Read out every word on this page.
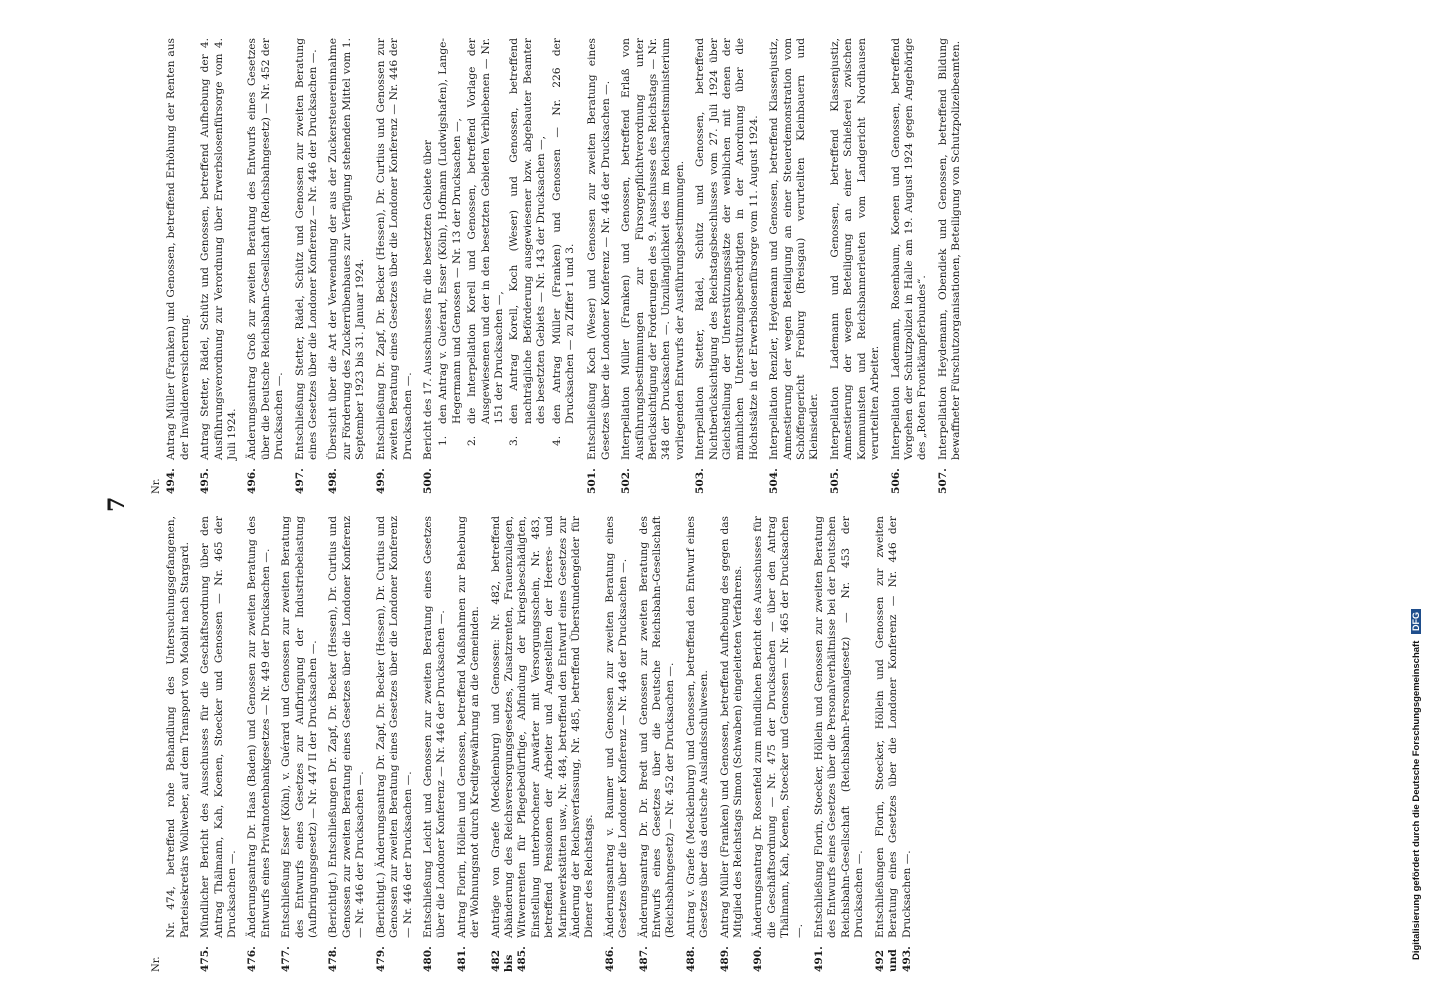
7
Nr.
Nr. 474, betreffend rohe Behandlung des Untersuchungsgefangenen, Parteisekretärs Wollweber, auf dem Transport von Moabit nach Stargard.
475.
Mündlicher Bericht des Ausschusses für die Geschäftsordnung über den Antrag Thälmann, Kah, Koenen, Stoecker und Genossen — Nr. 465 der Drucksachen —.
476.
Änderungsantrag Dr. Haas (Baden) und Genossen zur zweiten Beratung des Entwurfs eines Privatnotenbankgesetzes — Nr. 449 der Drucksachen —.
477.
Entschließung Esser (Köln), v. Guérard und Genossen zur zweiten Beratung des Entwurfs eines Gesetzes zur Aufbringung der Industriebelastung (Aufbringungsgesetz) — Nr. 447 II der Drucksachen —.
478.
(Berichtigt.) Entschließungen Dr. Zapf, Dr. Becker (Hessen), Dr. Curtius und Genossen zur zweiten Beratung eines Gesetzes über die Londoner Konferenz — Nr. 446 der Drucksachen —.
479.
(Berichtigt.) Änderungsantrag Dr. Zapf, Dr. Becker (Hessen), Dr. Curtius und Genossen zur zweiten Beratung eines Gesetzes über die Londoner Konferenz — Nr. 446 der Drucksachen —.
480.
Entschließung Leicht und Genossen zur zweiten Beratung eines Gesetzes über die Londoner Konferenz — Nr. 446 der Drucksachen —.
481.
Antrag Florin, Höllein und Genossen, betreffend Maßnahmen zur Behebung der Wohnungsnot durch Kreditgewährung an die Gemeinden.
482 bis 485.
Anträge von Graefe (Mecklenburg) und Genossen: Nr. 482, betreffend Abänderung des Reichsversorgungsgesetzes, Zusatzrenten, Frauenzulagen, Witwenrenten für Pflegebedürftige, Abfindung der kriegsbeschädigten, Einstellung unterbrochener Anwärter mit Versorgungsschein, Nr. 483, betreffend Pensionen der Arbeiter und Angestellten der Heeres- und Marinewerkstätten usw., Nr. 484, betreffend den Entwurf eines Gesetzes zur Änderung der Reichsverfassung, Nr. 485, betreffend Überstundengelder für Diener des Reichstags.
486.
Änderungsantrag v. Raumer und Genossen zur zweiten Beratung eines Gesetzes über die Londoner Konferenz — Nr. 446 der Drucksachen —.
487.
Änderungsantrag Dr. Dr. Bredt und Genossen zur zweiten Beratung des Entwurfs eines Gesetzes über die Deutsche Reichsbahn-Gesellschaft (Reichsbahngesetz) — Nr. 452 der Drucksachen —.
488.
Antrag v. Graefe (Mecklenburg) und Genossen, betreffend den Entwurf eines Gesetzes über das deutsche Auslandsschulwesen.
489.
Antrag Müller (Franken) und Genossen, betreffend Aufhebung des gegen das Mitglied des Reichstags Simon (Schwaben) eingeleiteten Verfahrens.
490.
Änderungsantrag Dr. Rosenfeld zum mündlichen Bericht des Ausschusses für die Geschäftsordnung — Nr. 475 der Drucksachen — über den Antrag Thälmann, Kah, Koenen, Stoecker und Genossen — Nr. 465 der Drucksachen —.
491.
Entschließung Florin, Stoecker, Höllein und Genossen zur zweiten Beratung des Entwurfs eines Gesetzes über die Personalverhältnisse bei der Deutschen Reichsbahn-Gesellschaft (Reichsbahn-Personalgesetz) — Nr. 453 der Drucksachen —.
492 und 493.
Entschließungen Florin, Stoecker, Höllein und Genossen zur zweiten Beratung eines Gesetzes über die Londoner Konferenz — Nr. 446 der Drucksachen —.
Nr. 494.
Antrag Müller (Franken) und Genossen, betreffend Erhöhung der Renten aus der Invalidenversicherung.
495.
Antrag Stetter, Rädel, Schütz und Genossen, betreffend Aufhebung der 4. Ausführungsverordnung zur Verordnung über Erwerbslosenfürsorge vom 4. Juli 1924.
496.
Änderungsantrag Groß zur zweiten Beratung des Entwurfs eines Gesetzes über die Deutsche Reichsbahn-Gesellschaft (Reichsbahngesetz) — Nr. 452 der Drucksachen —.
497.
Entschließung Stetter, Rädel, Schütz und Genossen zur zweiten Beratung eines Gesetzes über die Londoner Konferenz — Nr. 446 der Drucksachen —.
498.
Übersicht über die Art der Verwendung der aus der Zuckersteuereinnahme zur Förderung des Zuckerrübenbaues zur Verfügung stehenden Mittel vom 1. September 1923 bis 31. Januar 1924.
499.
Entschließung Dr. Zapf, Dr. Becker (Hessen), Dr. Curtius und Genossen zur zweiten Beratung eines Gesetzes über die Londoner Konferenz — Nr. 446 der Drucksachen —.
500.
Bericht des 17. Ausschusses für die besetzten Gebiete über 1.
den Antrag v. Guérard, Esser (Köln), Hofmann (Ludwigshafen), Lange-Hegermann und Genossen — Nr. 13 der Drucksachen —,
2.
die Interpellation Korell und Genossen, betreffend Vorlage der Ausgewiesenen und der in den besetzten Gebieten Verbliebenen — Nr. 151 der Drucksachen —,
3.
den Antrag Korell, Koch (Weser) und Genossen, betreffend nachträgliche Beförderung ausgewiesener bzw. abgebauter Beamter des besetzten Gebiets — Nr. 143 der Drucksachen —,
4.
den Antrag Müller (Franken) und Genossen — Nr. 226 der Drucksachen — zu Ziffer 1 und 3.
501.
Entschließung Koch (Weser) und Genossen zur zweiten Beratung eines Gesetzes über die Londoner Konferenz — Nr. 446 der Drucksachen —.
502.
Interpellation Müller (Franken) und Genossen, betreffend Erlaß von Ausführungsbestimmungen zur Fürsorgepflichtverordnung unter Berücksichtigung der Forderungen des 9. Ausschusses des Reichstags — Nr. 348 der Drucksachen —. Unzulänglichkeit des im Reichsarbeitsministerium vorliegenden Entwurfs der Ausführungsbestimmungen.
503.
Interpellation Stetter, Rädel, Schütz und Genossen, betreffend Nichtberücksichtigung des Reichstagsbeschlusses vom 27. Juli 1924 über Gleichstellung der Unterstützungssätze der weiblichen mit denen der männlichen Unterstützungsberechtigten in der Anordnung über die Höchstsätze in der Erwerbslosenfürsorge vom 11. August 1924.
504.
Interpellation Renzler, Heydemann und Genossen, betreffend Klassenjustiz, Amnestierung der wegen Beteiligung an einer Steuerdemonstration vom Schöffengericht Freiburg (Breisgau) verurteilten Kleinbauern und Kleinsiedler.
505.
Interpellation Lademann und Genossen, betreffend Klassenjustiz, Amnestierung der wegen Beteiligung an einer Schießerei zwischen Kommunisten und Reichsbannerleuten vom Landgericht Nordhausen verurteilten Arbeiter.
506.
Interpellation Lademann, Rosenbaum, Koenen und Genossen, betreffend Vorgehen der Schutzpolizei in Halle am 19. August 1924 gegen Angehörige des „Roten Frontkämpferbundes“.
507.
Interpellation Heydemann, Obendiek und Genossen, betreffend Bildung bewaffneter Fürschutzorganisationen, Beteiligung von Schutzpolizeibeamten.
Digitalisierung gefördert durch die Deutsche Forschungsgemeinschaft DFG
